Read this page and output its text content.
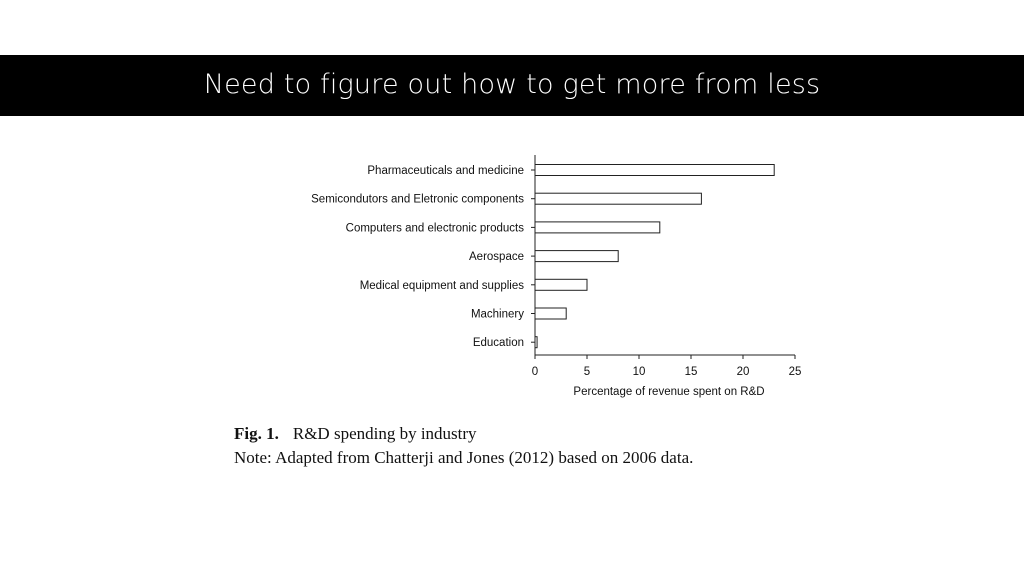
Need to figure out how to get more from less
Pharmaceuticals and medicine
Semicondutors and Eletronic components
Computers and electronic products
Aerospace
Medical equipment and supplies
Machinery
Education
0	5	10	15	20	25
Percentage of revenue spent on R&D
Fig. 1. R&D spending by industry
Note: Adapted from Chatterji and Jones (2012) based on 2006 data.
